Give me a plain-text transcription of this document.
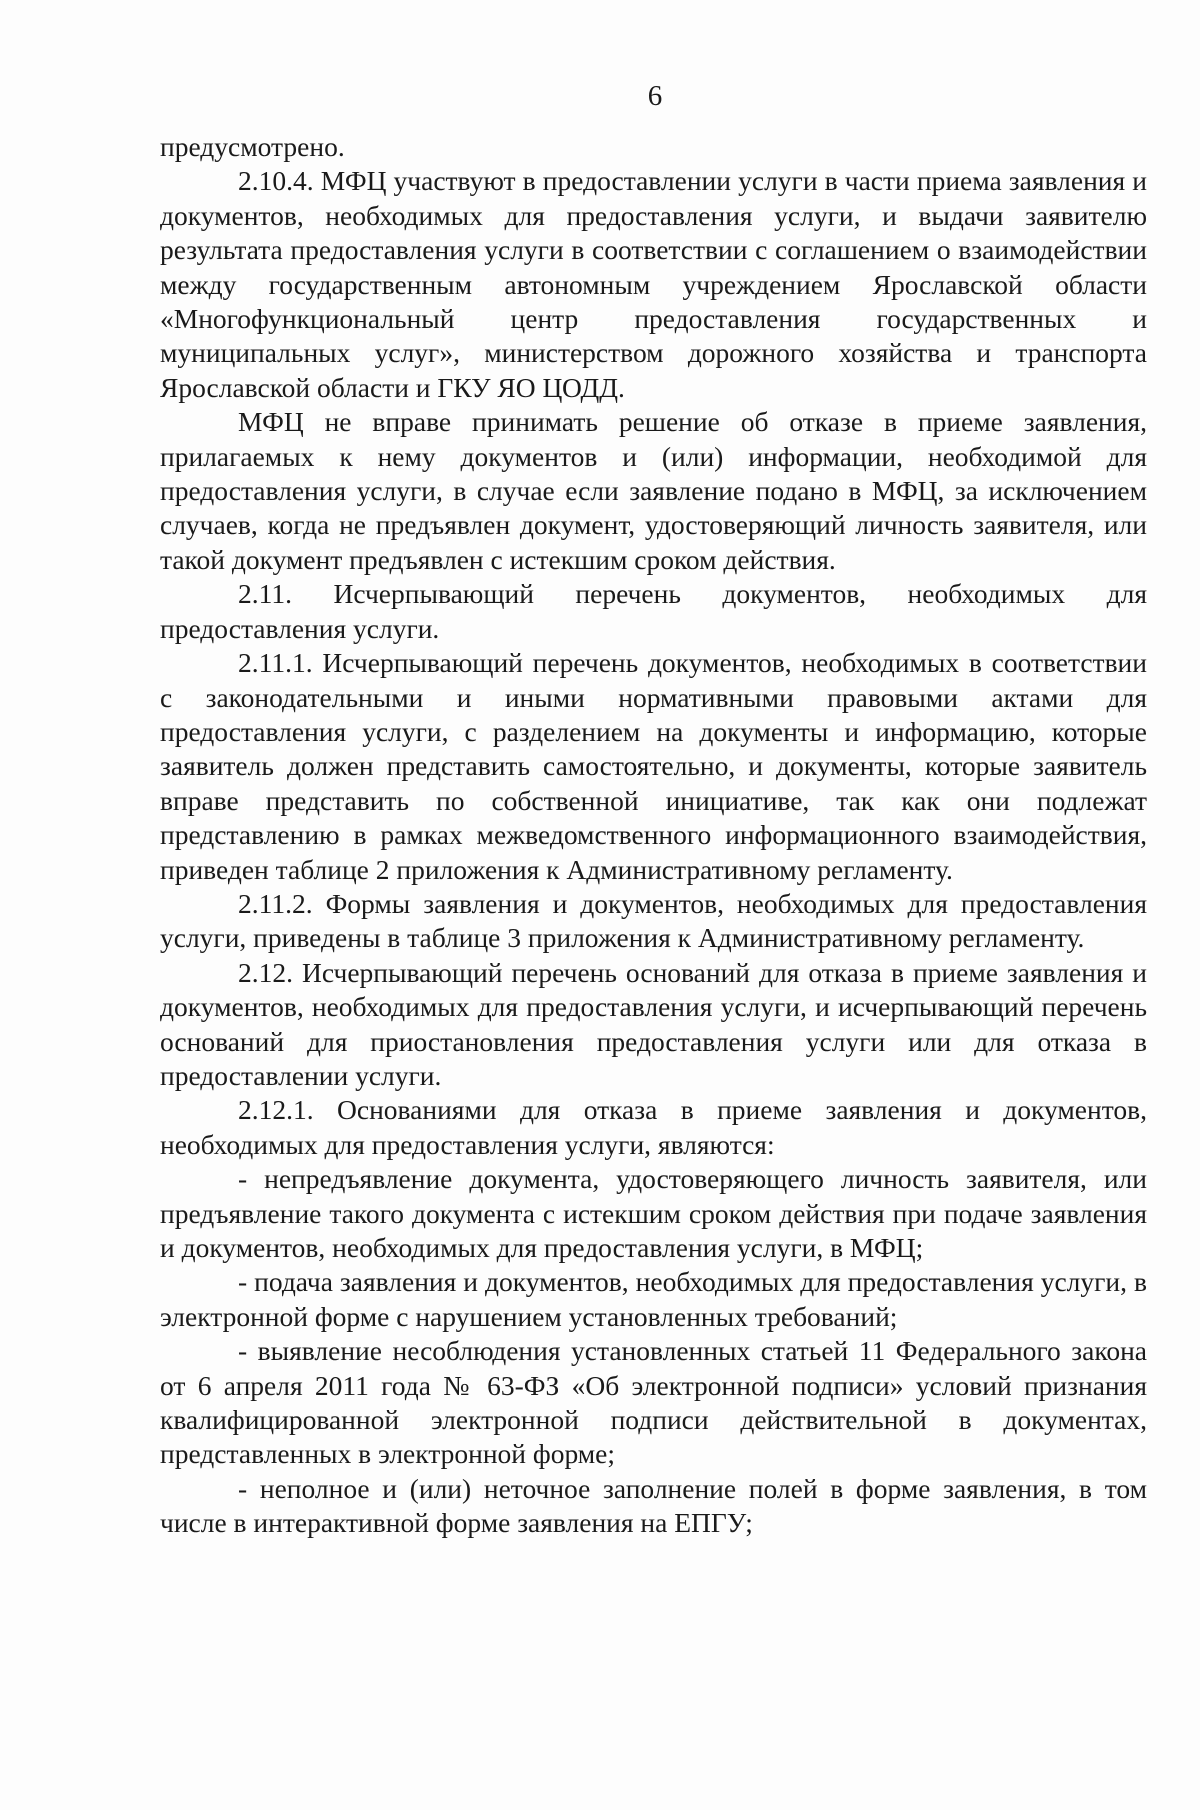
6

предусмотрено.

2.10.4. МФЦ участвуют в предоставлении услуги в части приема заявления и документов, необходимых для предоставления услуги, и выдачи заявителю результата предоставления услуги в соответствии с соглашением о взаимодействии между государственным автономным учреждением Ярославской области «Многофункциональный центр предоставления государственных и муниципальных услуг», министерством дорожного хозяйства и транспорта Ярославской области и ГКУ ЯО ЦОДД.

МФЦ не вправе принимать решение об отказе в приеме заявления, прилагаемых к нему документов и (или) информации, необходимой для предоставления услуги, в случае если заявление подано в МФЦ, за исключением случаев, когда не предъявлен документ, удостоверяющий личность заявителя, или такой документ предъявлен с истекшим сроком действия.

2.11. Исчерпывающий перечень документов, необходимых для предоставления услуги.

2.11.1. Исчерпывающий перечень документов, необходимых в соответствии с законодательными и иными нормативными правовыми актами для предоставления услуги, с разделением на документы и информацию, которые заявитель должен представить самостоятельно, и документы, которые заявитель вправе представить по собственной инициативе, так как они подлежат представлению в рамках межведомственного информационного взаимодействия, приведен таблице 2 приложения к Административному регламенту.

2.11.2. Формы заявления и документов, необходимых для предоставления услуги, приведены в таблице 3 приложения к Административному регламенту.

2.12. Исчерпывающий перечень оснований для отказа в приеме заявления и документов, необходимых для предоставления услуги, и исчерпывающий перечень оснований для приостановления предоставления услуги или для отказа в предоставлении услуги.

2.12.1. Основаниями для отказа в приеме заявления и документов, необходимых для предоставления услуги, являются:

- непредъявление документа, удостоверяющего личность заявителя, или предъявление такого документа с истекшим сроком действия при подаче заявления и документов, необходимых для предоставления услуги, в МФЦ;

- подача заявления и документов, необходимых для предоставления услуги, в электронной форме с нарушением установленных требований;

- выявление несоблюдения установленных статьей 11 Федерального закона от 6 апреля 2011 года № 63-ФЗ «Об электронной подписи» условий признания квалифицированной электронной подписи действительной в документах, представленных в электронной форме;

- неполное и (или) неточное заполнение полей в форме заявления, в том числе в интерактивной форме заявления на ЕПГУ;
